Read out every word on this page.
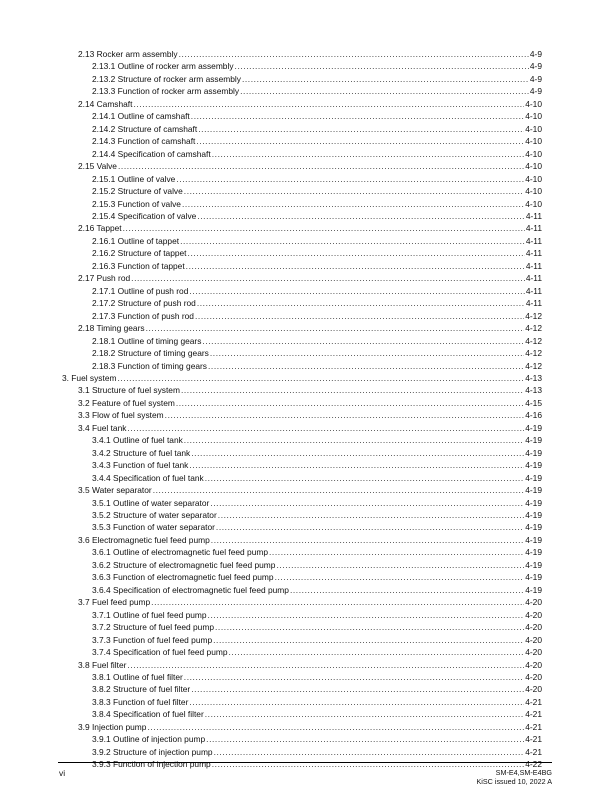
2.13 Rocker arm assembly .....	4-9
2.13.1 Outline of rocker arm assembly .....	4-9
2.13.2 Structure of rocker arm assembly .....	4-9
2.13.3 Function of rocker arm assembly .....	4-9
2.14 Camshaft .....	4-10
2.14.1 Outline of camshaft .....	4-10
2.14.2 Structure of camshaft .....	4-10
2.14.3 Function of camshaft .....	4-10
2.14.4 Specification of camshaft .....	4-10
2.15 Valve .....	4-10
2.15.1 Outline of valve .....	4-10
2.15.2 Structure of valve .....	4-10
2.15.3 Function of valve .....	4-10
2.15.4 Specification of valve .....	4-11
2.16 Tappet .....	4-11
2.16.1 Outline of tappet .....	4-11
2.16.2 Structure of tappet .....	4-11
2.16.3 Function of tappet .....	4-11
2.17 Push rod .....	4-11
2.17.1 Outline of push rod .....	4-11
2.17.2 Structure of push rod .....	4-11
2.17.3 Function of push rod .....	4-12
2.18 Timing gears .....	4-12
2.18.1 Outline of timing gears .....	4-12
2.18.2 Structure of timing gears .....	4-12
2.18.3 Function of timing gears .....	4-12
3. Fuel system .....	4-13
3.1 Structure of fuel system .....	4-13
3.2 Feature of fuel system .....	4-15
3.3 Flow of fuel system .....	4-16
3.4 Fuel tank .....	4-19
3.4.1 Outline of fuel tank .....	4-19
3.4.2 Structure of fuel tank .....	4-19
3.4.3 Function of fuel tank .....	4-19
3.4.4 Specification of fuel tank .....	4-19
3.5 Water separator .....	4-19
3.5.1 Outline of water separator .....	4-19
3.5.2 Structure of water separator .....	4-19
3.5.3 Function of water separator .....	4-19
3.6 Electromagnetic fuel feed pump .....	4-19
3.6.1 Outline of electromagnetic fuel feed pump .....	4-19
3.6.2 Structure of electromagnetic fuel feed pump .....	4-19
3.6.3 Function of electromagnetic fuel feed pump .....	4-19
3.6.4 Specification of electromagnetic fuel feed pump .....	4-19
3.7 Fuel feed pump .....	4-20
3.7.1 Outline of fuel feed pump .....	4-20
3.7.2 Structure of fuel feed pump .....	4-20
3.7.3 Function of fuel feed pump .....	4-20
3.7.4 Specification of fuel feed pump .....	4-20
3.8 Fuel filter .....	4-20
3.8.1 Outline of fuel filter .....	4-20
3.8.2 Structure of fuel filter .....	4-20
3.8.3 Function of fuel filter .....	4-21
3.8.4 Specification of fuel filter .....	4-21
3.9 Injection pump .....	4-21
3.9.1 Outline of injection pump .....	4-21
3.9.2 Structure of injection pump .....	4-21
3.9.3 Function of injection pump .....	4-22
vi	SM-E4,SM-E4BG
KiSC issued 10, 2022 A
